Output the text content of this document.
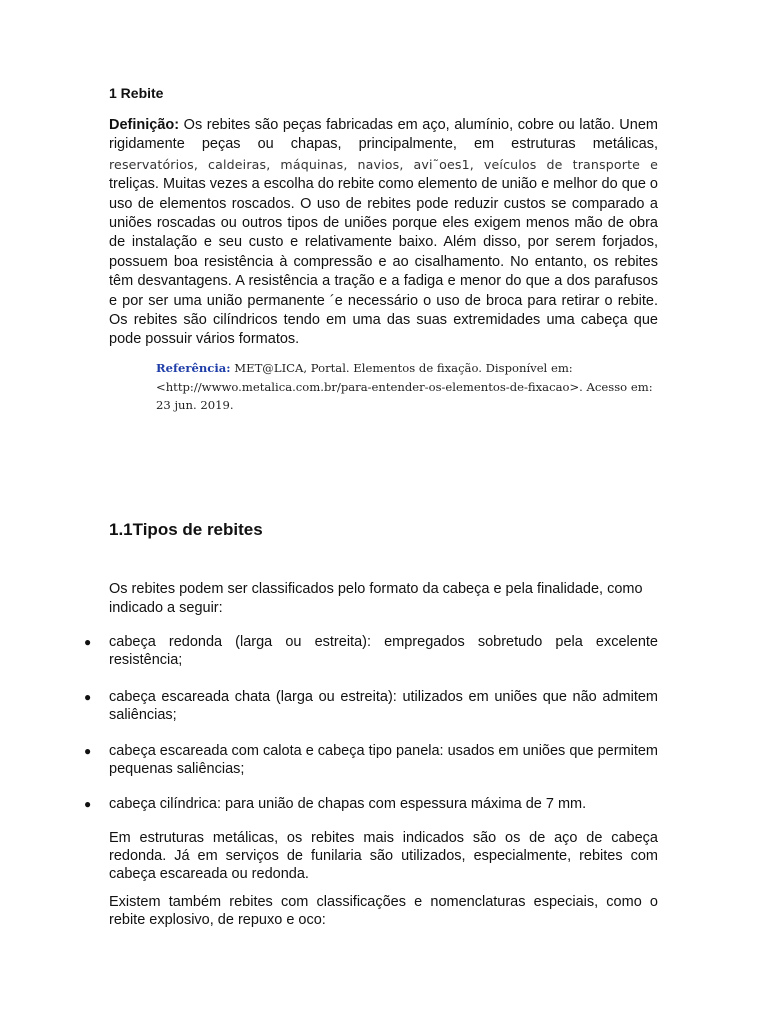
1 Rebite

Definição: Os rebites são peças fabricadas em aço, alumínio, cobre ou latão. Unem rigidamente peças ou chapas, principalmente, em estruturas metálicas, reservatórios, caldeiras, máquinas, navios, avi˜oes1, veículos de transporte e treliças. Muitas vezes a escolha do rebite como elemento de união e melhor do que o uso de elementos roscados. O uso de rebites pode reduzir custos se comparado a uniões roscadas ou outros tipos de uniões porque eles exigem menos mão de obra de instalação e seu custo e relativamente baixo. Além disso, por serem forjados, possuem boa resistência à compressão e ao cisalhamento. No entanto, os rebites têm desvantagens. A resistência a tração e a fadiga e menor do que a dos parafusos e por ser uma união permanente ´e necessário o uso de broca para retirar o rebite. Os rebites são cilíndricos tendo em uma das suas extremidades uma cabeça que pode possuir vários formatos.

Referência: MET@LICA, Portal. Elementos de fixação. Disponível em: <http://wwwo.metalica.com.br/para-entender-os-elementos-de-fixacao>. Acesso em: 23 jun. 2019.

1.1Tipos de rebites

Os rebites podem ser classificados pelo formato da cabeça e pela finalidade, como indicado a seguir:

●	cabeça redonda (larga ou estreita): empregados sobretudo pela excelente resistência;

●	cabeça escareada chata (larga ou estreita): utilizados em uniões que não admitem saliências;

●	cabeça escareada com calota e cabeça tipo panela: usados em uniões que permitem pequenas saliências;

●	cabeça cilíndrica: para união de chapas com espessura máxima de 7 mm.

Em estruturas metálicas, os rebites mais indicados são os de aço de cabeça redonda. Já em serviços de funilaria são utilizados, especialmente, rebites com cabeça escareada ou redonda.

Existem também rebites com classificações e nomenclaturas especiais, como o rebite explosivo, de repuxo e oco:
